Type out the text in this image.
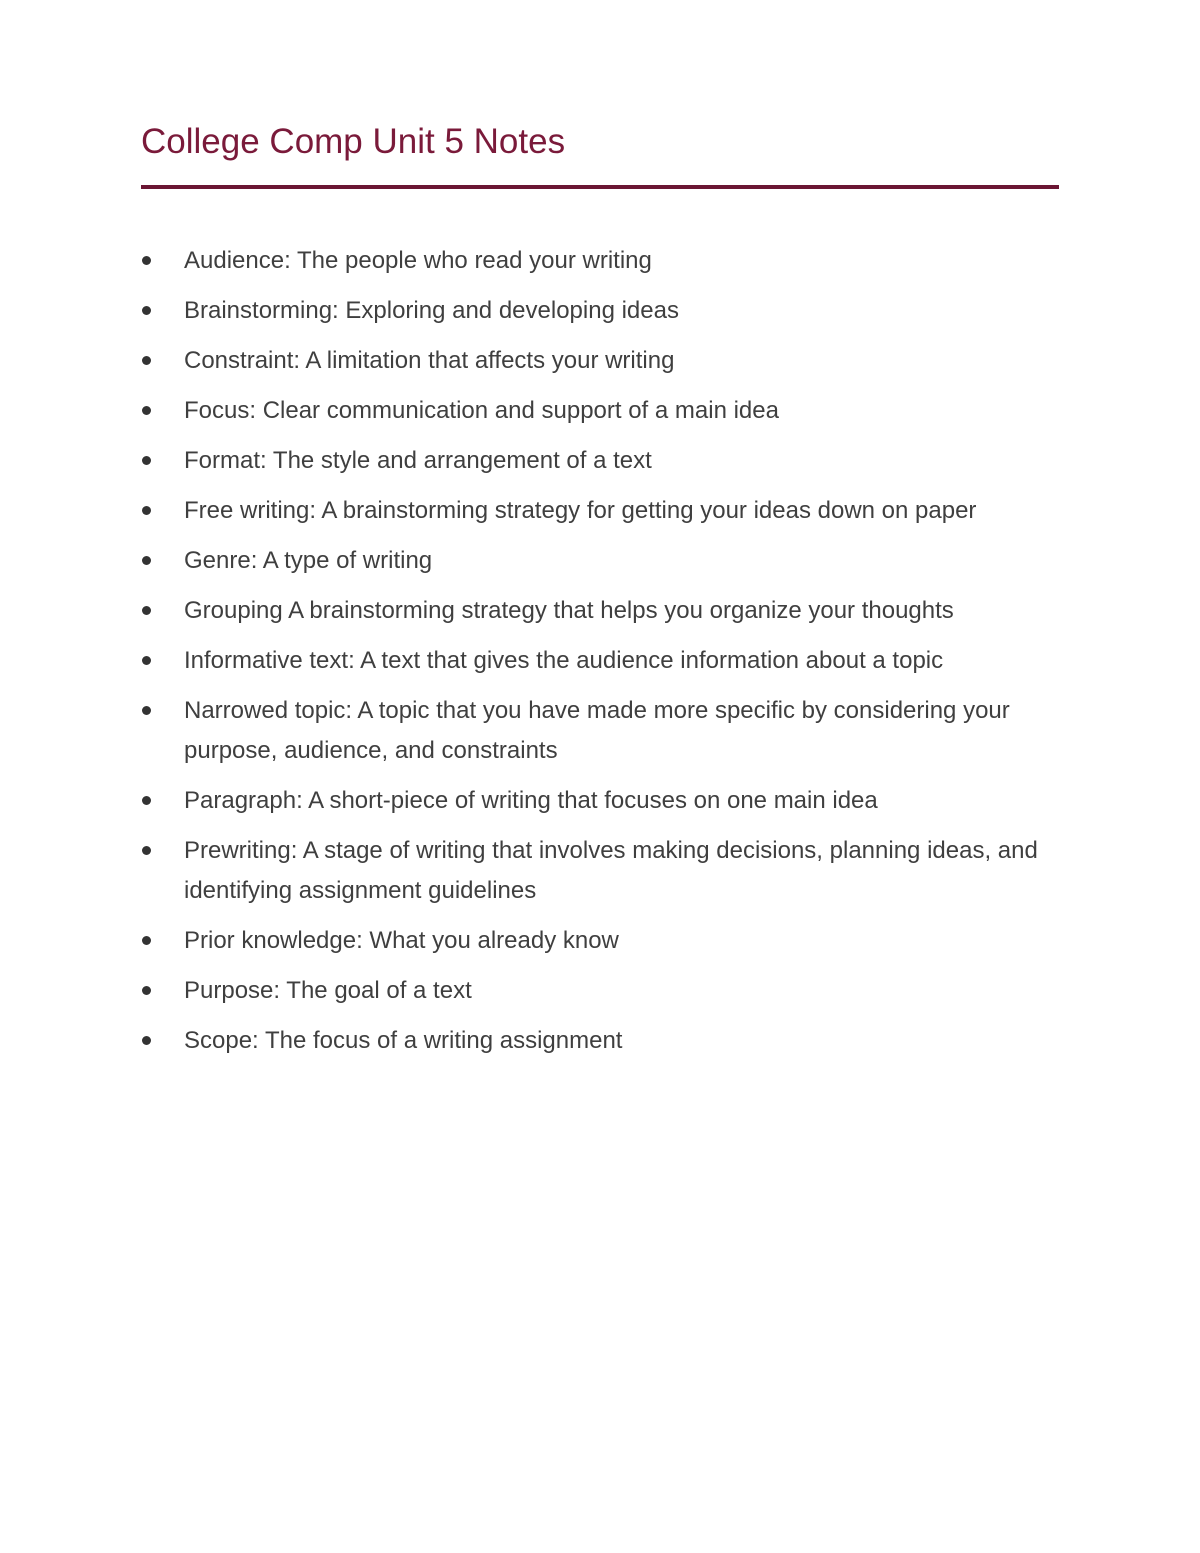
College Comp Unit 5 Notes
Audience: The people who read your writing
Brainstorming: Exploring and developing ideas
Constraint: A limitation that affects your writing
Focus: Clear communication and support of a main idea
Format: The style and arrangement of a text
Free writing: A brainstorming strategy for getting your ideas down on paper
Genre: A type of writing
Grouping A brainstorming strategy that helps you organize your thoughts
Informative text: A text that gives the audience information about a topic
Narrowed topic: A topic that you have made more specific by considering your purpose, audience, and constraints
Paragraph: A short-piece of writing that focuses on one main idea
Prewriting: A stage of writing that involves making decisions, planning ideas, and identifying assignment guidelines
Prior knowledge: What you already know
Purpose: The goal of a text
Scope: The focus of a writing assignment
